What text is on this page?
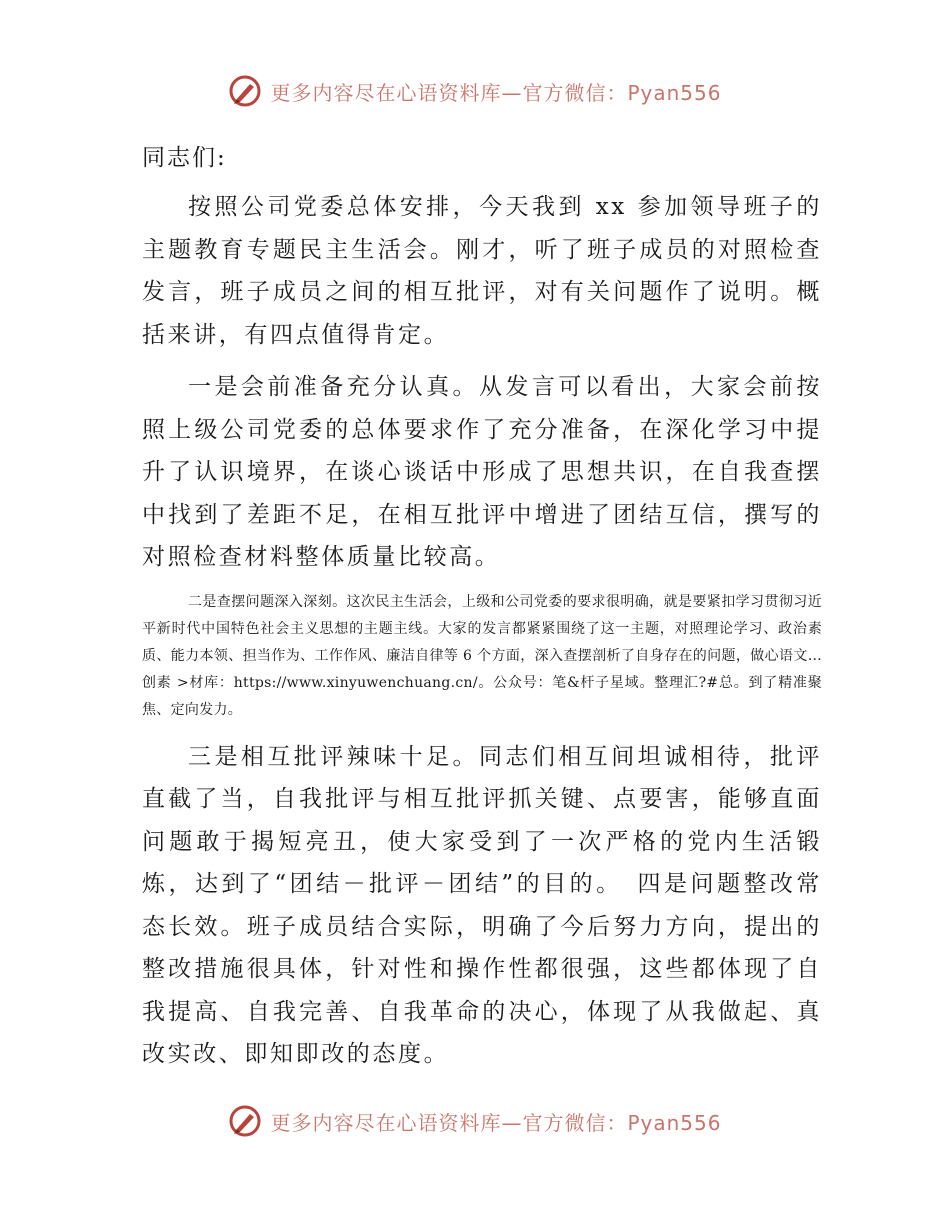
更多内容尽在心语资料库—官方微信：Pyan556

同志们:

按照公司党委总体安排，今天我到 xx 参加领导班子的主题教育专题民主生活会。刚才，听了班子成员的对照检查发言，班子成员之间的相互批评，对有关问题作了说明。概括来讲，有四点值得肯定。

一是会前准备充分认真。从发言可以看出，大家会前按照上级公司党委的总体要求作了充分准备，在深化学习中提升了认识境界，在谈心谈话中形成了思想共识，在自我查摆中找到了差距不足，在相互批评中增进了团结互信，撰写的对照检查材料整体质量比较高。

二是查摆问题深入深刻。这次民主生活会，上级和公司党委的要求很明确，就是要紧扣学习贯彻习近平新时代中国特色社会主义思想的主题主线。大家的发言都紧紧围绕了这一主题，对照理论学习、政治素质、能力本领、担当作为、工作作风、廉洁自律等 6 个方面，深入查摆剖析了自身存在的问题，做心语文…创素 >材库：https://www.xinyuwenchuang.cn/。公众号：笔&杆子星域。整理汇?#总。到了精准聚焦、定向发力。

三是相互批评辣味十足。同志们相互间坦诚相待，批评直截了当，自我批评与相互批评抓关键、点要害，能够直面问题敢于揭短亮丑，使大家受到了一次严格的党内生活锻炼，达到了“团结－批评－团结”的目的。　四是问题整改常态长效。班子成员结合实际，明确了今后努力方向，提出的整改措施很具体，针对性和操作性都很强，这些都体现了自我提高、自我完善、自我革命的决心，体现了从我做起、真改实改、即知即改的态度。

更多内容尽在心语资料库—官方微信：Pyan556
